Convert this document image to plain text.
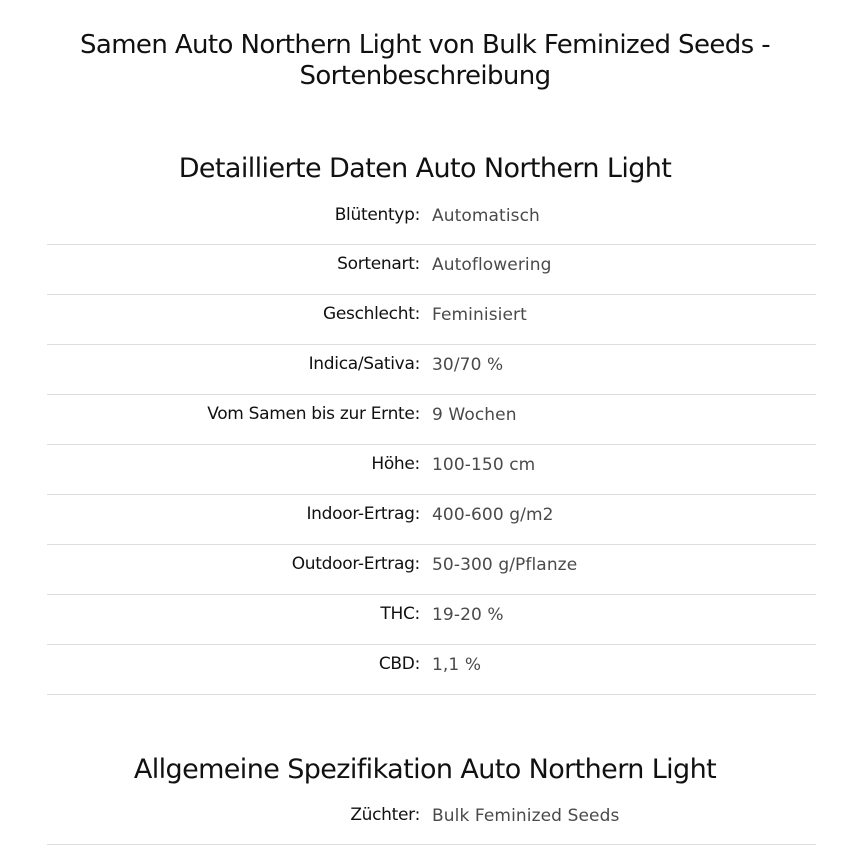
Samen Auto Northern Light von Bulk Feminized Seeds - Sortenbeschreibung
Detaillierte Daten Auto Northern Light
Blütentyp: Automatisch
Sortenart: Autoflowering
Geschlecht: Feminisiert
Indica/Sativa: 30/70 %
Vom Samen bis zur Ernte: 9 Wochen
Höhe: 100-150 cm
Indoor-Ertrag: 400-600 g/m2
Outdoor-Ertrag: 50-300 g/Pflanze
THC: 19-20 %
CBD: 1,1 %
Allgemeine Spezifikation Auto Northern Light
Züchter: Bulk Feminized Seeds
